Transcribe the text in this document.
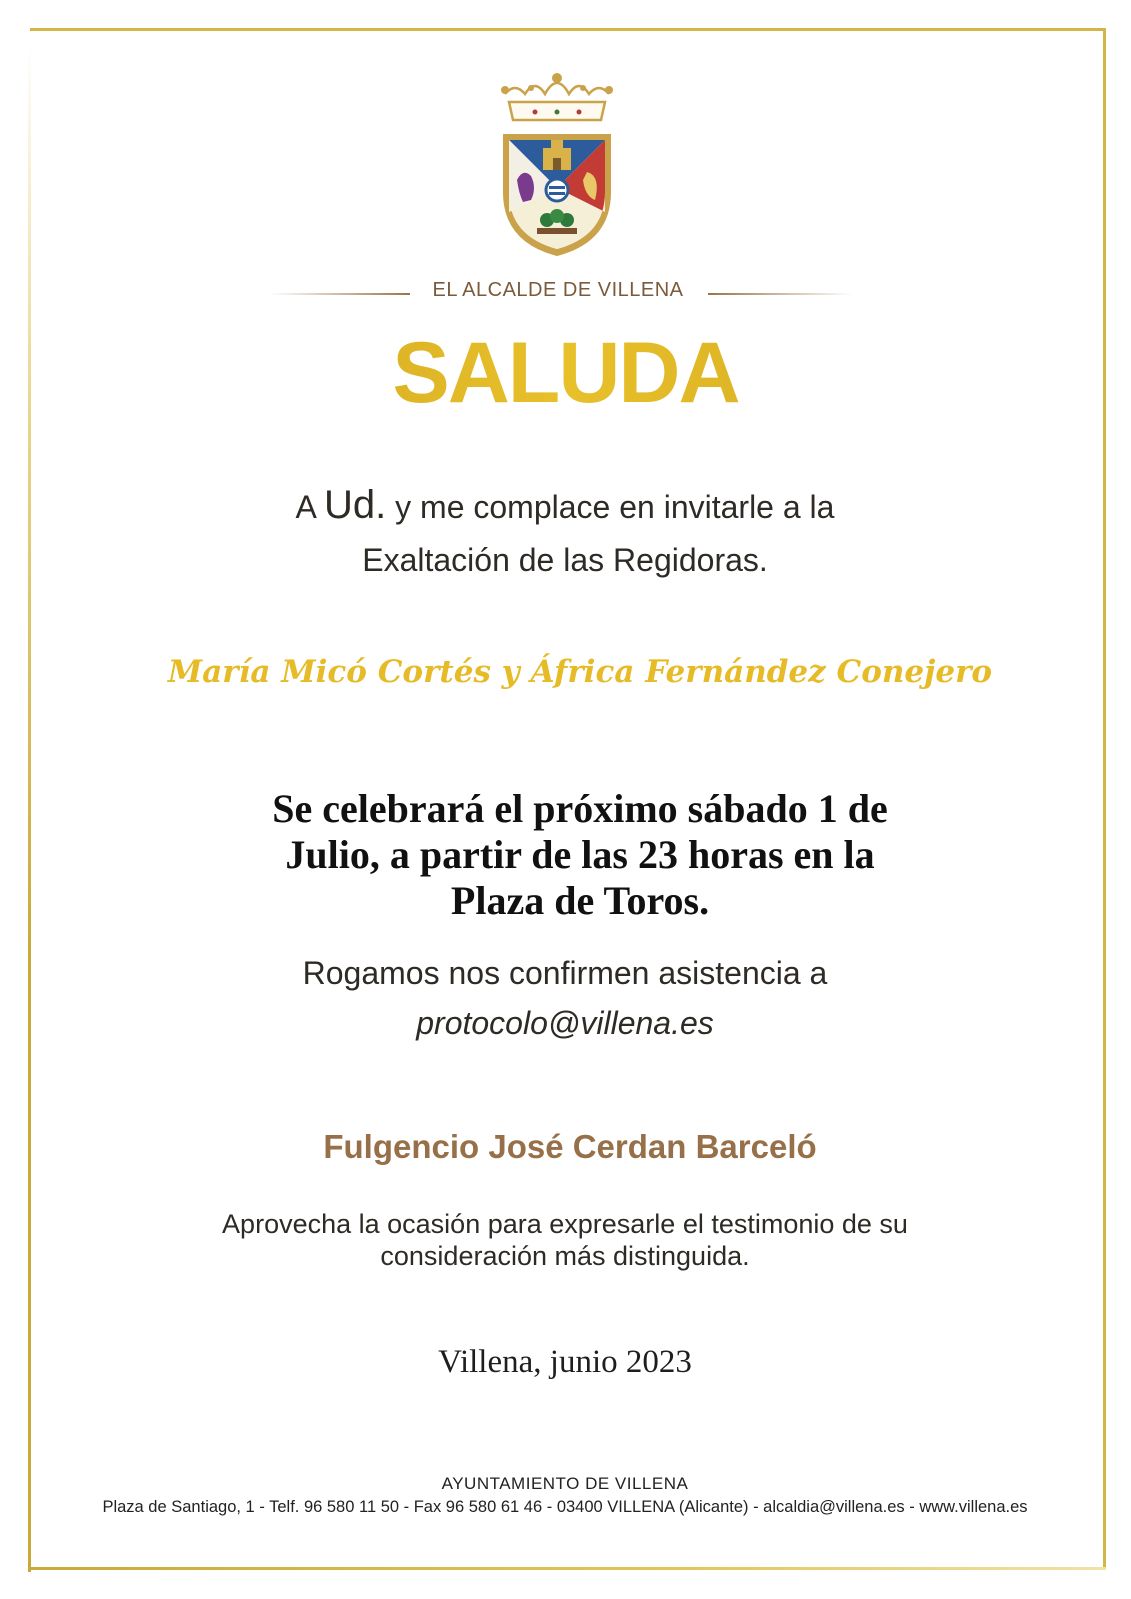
EL ALCALDE DE VILLENA
SALUDA
A Ud. y me complace en invitarle a la
Exaltación de las Regidoras.
María Micó Cortés y África Fernández Conejero
Se celebrará el próximo sábado 1 de
Julio, a partir de las 23 horas en la
Plaza de Toros.
Rogamos nos confirmen asistencia a
protocolo@villena.es
Fulgencio José Cerdan Barceló
Aprovecha la ocasión para expresarle el testimonio de su
consideración más distinguida.
Villena, junio 2023
AYUNTAMIENTO DE VILLENA
Plaza de Santiago, 1 - Telf. 96 580 11 50 - Fax 96 580 61 46 - 03400 VILLENA (Alicante) - alcaldia@villena.es - www.villena.es
